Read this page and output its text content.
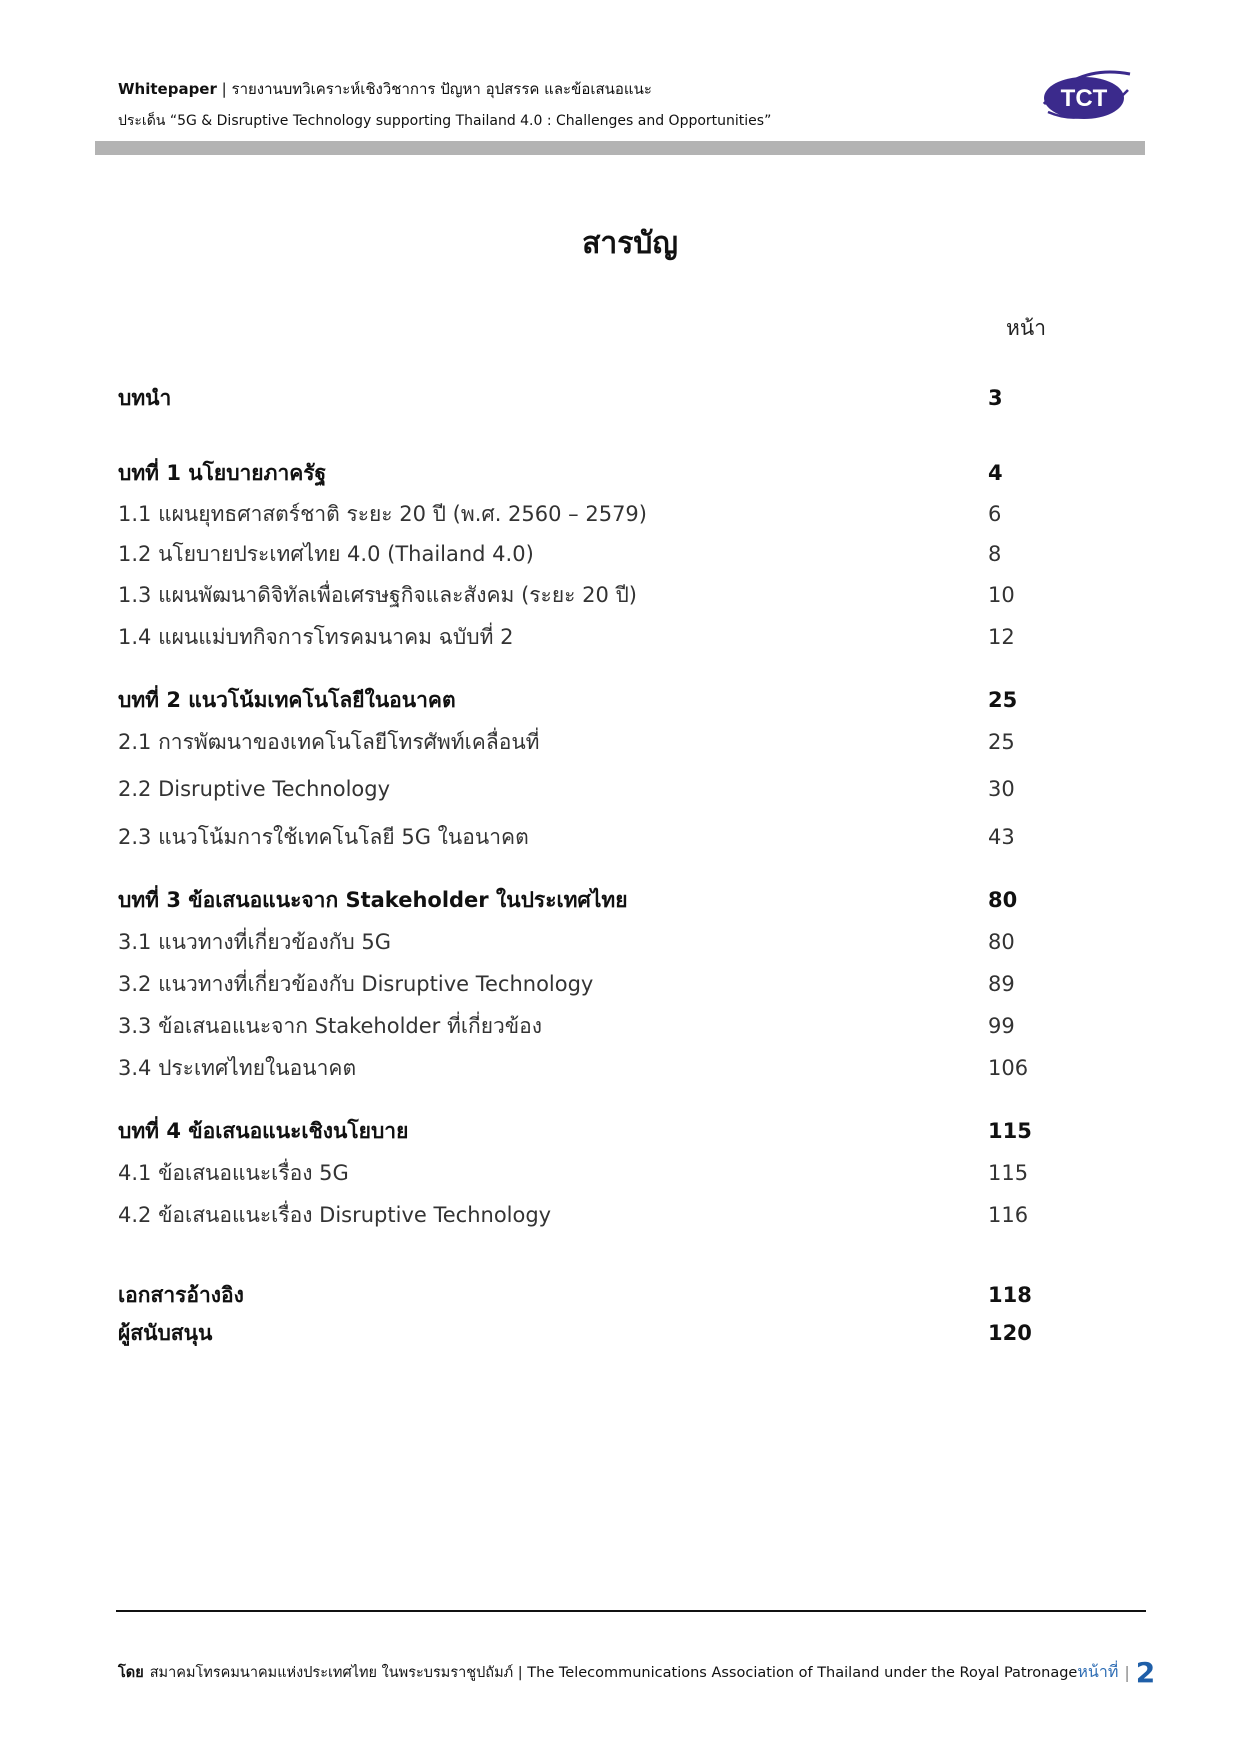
Whitepaper | รายงานบทวิเคราะห์เชิงวิชาการ ปัญหา อุปสรรค และข้อเสนอแนะ
ประเด็น “5G & Disruptive Technology supporting Thailand 4.0 : Challenges and Opportunities”
TCT
สารบัญ
หน้า
บทนำ	3
บทที่ 1 นโยบายภาครัฐ	4
1.1 แผนยุทธศาสตร์ชาติ ระยะ 20 ปี (พ.ศ. 2560 – 2579)	6
1.2 นโยบายประเทศไทย 4.0 (Thailand 4.0)	8
1.3 แผนพัฒนาดิจิทัลเพื่อเศรษฐกิจและสังคม (ระยะ 20 ปี)	10
1.4 แผนแม่บทกิจการโทรคมนาคม ฉบับที่ 2	12
บทที่ 2 แนวโน้มเทคโนโลยีในอนาคต	25
2.1 การพัฒนาของเทคโนโลยีโทรศัพท์เคลื่อนที่	25
2.2 Disruptive Technology	30
2.3 แนวโน้มการใช้เทคโนโลยี 5G ในอนาคต	43
บทที่ 3 ข้อเสนอแนะจาก Stakeholder ในประเทศไทย	80
3.1 แนวทางที่เกี่ยวข้องกับ 5G	80
3.2 แนวทางที่เกี่ยวข้องกับ Disruptive Technology	89
3.3 ข้อเสนอแนะจาก Stakeholder ที่เกี่ยวข้อง	99
3.4 ประเทศไทยในอนาคต	106
บทที่ 4 ข้อเสนอแนะเชิงนโยบาย	115
4.1 ข้อเสนอแนะเรื่อง 5G	115
4.2 ข้อเสนอแนะเรื่อง Disruptive Technology	116
เอกสารอ้างอิง	118
ผู้สนับสนุน	120
โดย สมาคมโทรคมนาคมแห่งประเทศไทย ในพระบรมราชูปถัมภ์ | The Telecommunications Association of Thailand under the Royal Patronage หน้าที่ | 2
